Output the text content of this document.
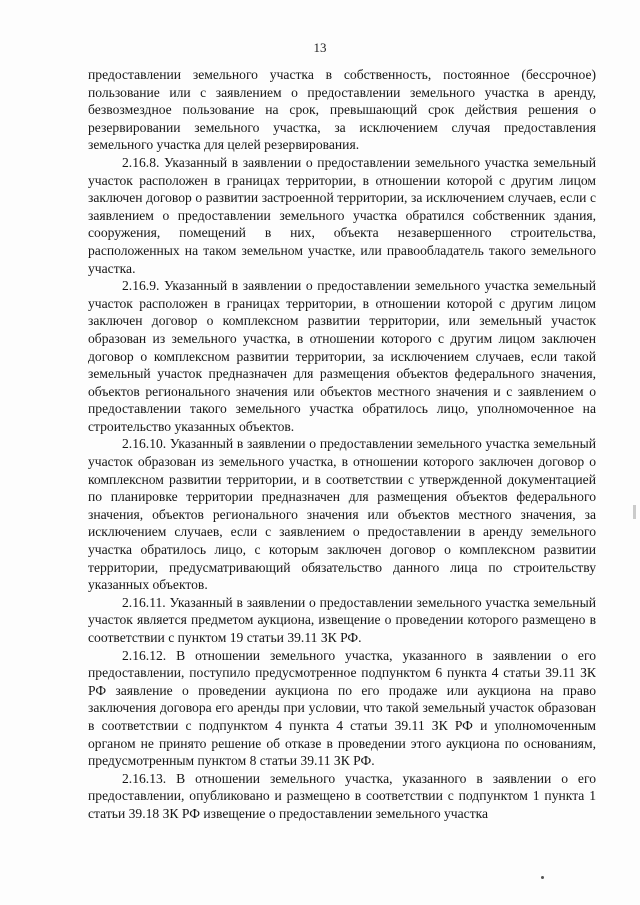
13

предоставлении земельного участка в собственность, постоянное (бессрочное) пользование или с заявлением о предоставлении земельного участка в аренду, безвозмездное пользование на срок, превышающий срок действия решения о резервировании земельного участка, за исключением случая предоставления земельного участка для целей резервирования.

2.16.8. Указанный в заявлении о предоставлении земельного участка земельный участок расположен в границах территории, в отношении которой с другим лицом заключен договор о развитии застроенной территории, за исключением случаев, если с заявлением о предоставлении земельного участка обратился собственник здания, сооружения, помещений в них, объекта незавершенного строительства, расположенных на таком земельном участке, или правообладатель такого земельного участка.

2.16.9. Указанный в заявлении о предоставлении земельного участка земельный участок расположен в границах территории, в отношении которой с другим лицом заключен договор о комплексном развитии территории, или земельный участок образован из земельного участка, в отношении которого с другим лицом заключен договор о комплексном развитии территории, за исключением случаев, если такой земельный участок предназначен для размещения объектов федерального значения, объектов регионального значения или объектов местного значения и с заявлением о предоставлении такого земельного участка обратилось лицо, уполномоченное на строительство указанных объектов.

2.16.10. Указанный в заявлении о предоставлении земельного участка земельный участок образован из земельного участка, в отношении которого заключен договор о комплексном развитии территории, и в соответствии с утвержденной документацией по планировке территории предназначен для размещения объектов федерального значения, объектов регионального значения или объектов местного значения, за исключением случаев, если с заявлением о предоставлении в аренду земельного участка обратилось лицо, с которым заключен договор о комплексном развитии территории, предусматривающий обязательство данного лица по строительству указанных объектов.

2.16.11. Указанный в заявлении о предоставлении земельного участка земельный участок является предметом аукциона, извещение о проведении которого размещено в соответствии с пунктом 19 статьи 39.11 ЗК РФ.

2.16.12. В отношении земельного участка, указанного в заявлении о его предоставлении, поступило предусмотренное подпунктом 6 пункта 4 статьи 39.11 ЗК РФ заявление о проведении аукциона по его продаже или аукциона на право заключения договора его аренды при условии, что такой земельный участок образован в соответствии с подпунктом 4 пункта 4 статьи 39.11 ЗК РФ и уполномоченным органом не принято решение об отказе в проведении этого аукциона по основаниям, предусмотренным пунктом 8 статьи 39.11 ЗК РФ.

2.16.13. В отношении земельного участка, указанного в заявлении о его предоставлении, опубликовано и размещено в соответствии с подпунктом 1 пункта 1 статьи 39.18 ЗК РФ извещение о предоставлении земельного участка
